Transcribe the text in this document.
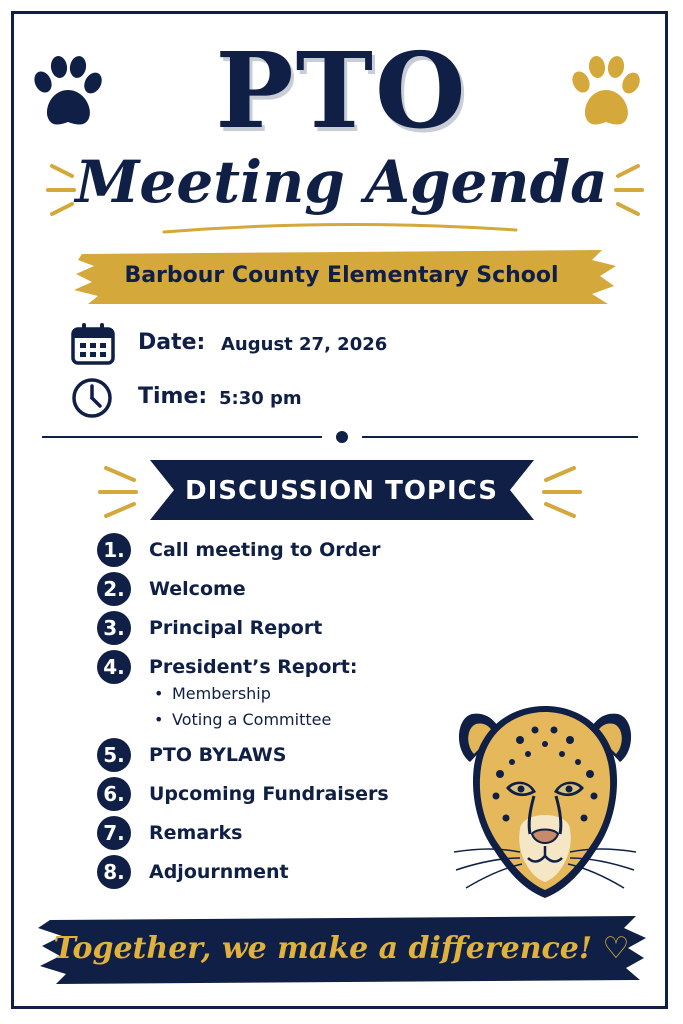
PTO
Meeting Agenda
Barbour County Elementary School
Date: August 27, 2026
Time: 5:30 pm
DISCUSSION TOPICS
1.	Call meeting to Order
2.	Welcome
3.	Principal Report
4.	President’s Report:
• Membership
• Voting a Committee
5.	PTO BYLAWS
6.	Upcoming Fundraisers
7.	Remarks
8.	Adjournment
Together, we make a difference! ♡
